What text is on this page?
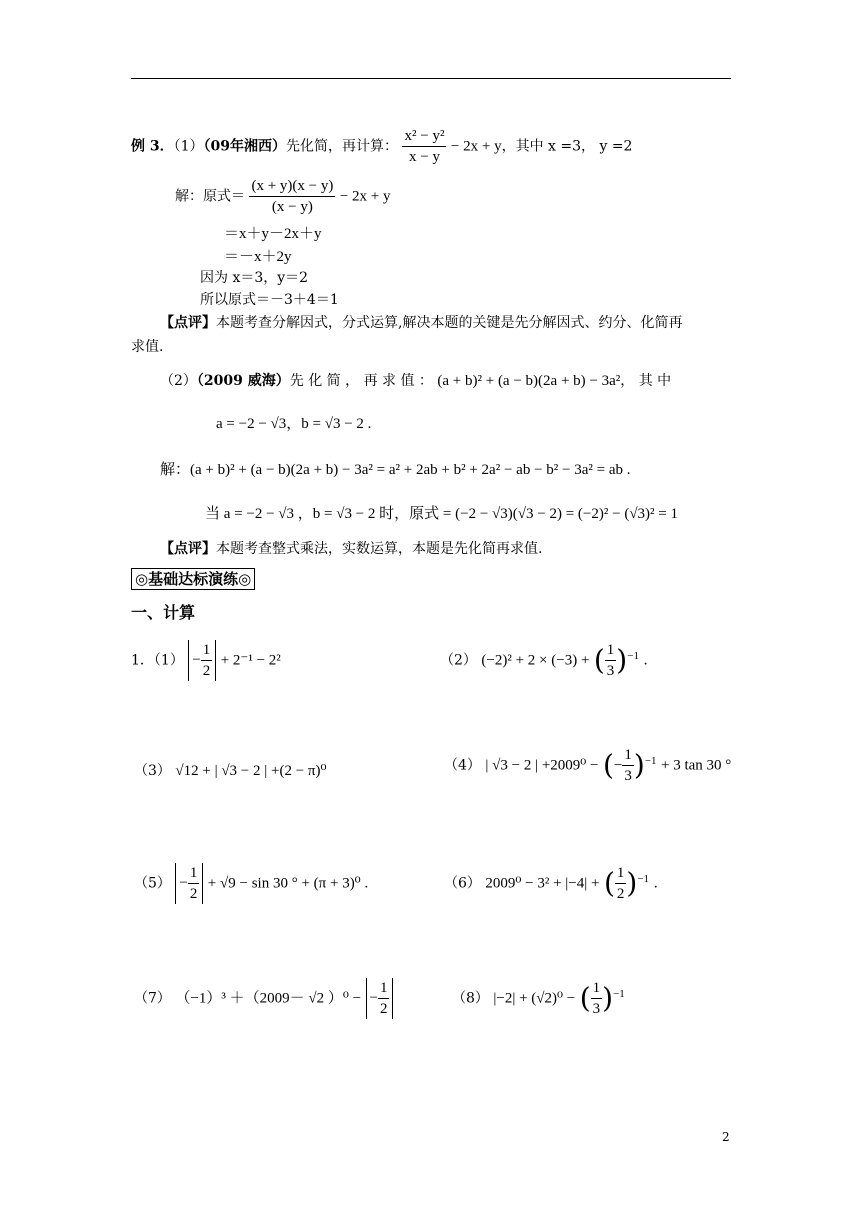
例 3．（1）（09年湘西）先化简，再计算： $\frac{\text{x² − y²}}{x - y} - 2x + y$，其中 x =3， y =2
解：原式＝ $\frac{(x + y)(x - y)}{(x - y)} - 2x + y$
＝x＋y－2x＋y
＝－x＋2y
因为 x＝3，y＝2
所以原式＝－3＋4＝1
【点评】本题考查分解因式，分式运算,解决本题的关键是先分解因式、约分、化简再
求值.
（2）（2009 威海）先 化 简 ， 再 求 值 ： (a + b)² + (a − b)(2a + b) − 3a²， 其 中
a = −2 − √3，b = √3 − 2 .
解：(a + b)² + (a − b)(2a + b) − 3a² = a² + 2ab + b² + 2a² − ab − b² − 3a² = ab .
当 a = −2 − √3 ，b = √3 − 2 时，原式 = (−2 − √3)(√3 − 2) = (−2)² − (√3)² = 1
【点评】本题考查整式乘法，实数运算，本题是先化简再求值.
◎基础达标演练◎
一、计算
1．$(1) - \frac{1}{2} + 2^{-1} - 2^2$	（2） (−2)² + 2 × (−3) + ( $\frac{1}{3} )^{-1}$ .
（3） √12 + | √3 − 2 | +(2 − π)⁰	（4） | √3 − 2 | +2009⁰ − (− $\frac{1}{3} )^{-1} + 3$ tan 30 °
$(5) - \frac{1}{2} + √9 - \sin 30$ ° + (π + 3)⁰ .	（6） 2009⁰ − 3² + |−4| + ( $\frac{1}{2} )^{-1}$ .
（7） （−1）³ ＋（2009－ √2 ）⁰ − − $\frac{1}{2}$	（8） |−2| + (√2)⁰ − ( $\frac{1}{3} )^{-1}$
2
